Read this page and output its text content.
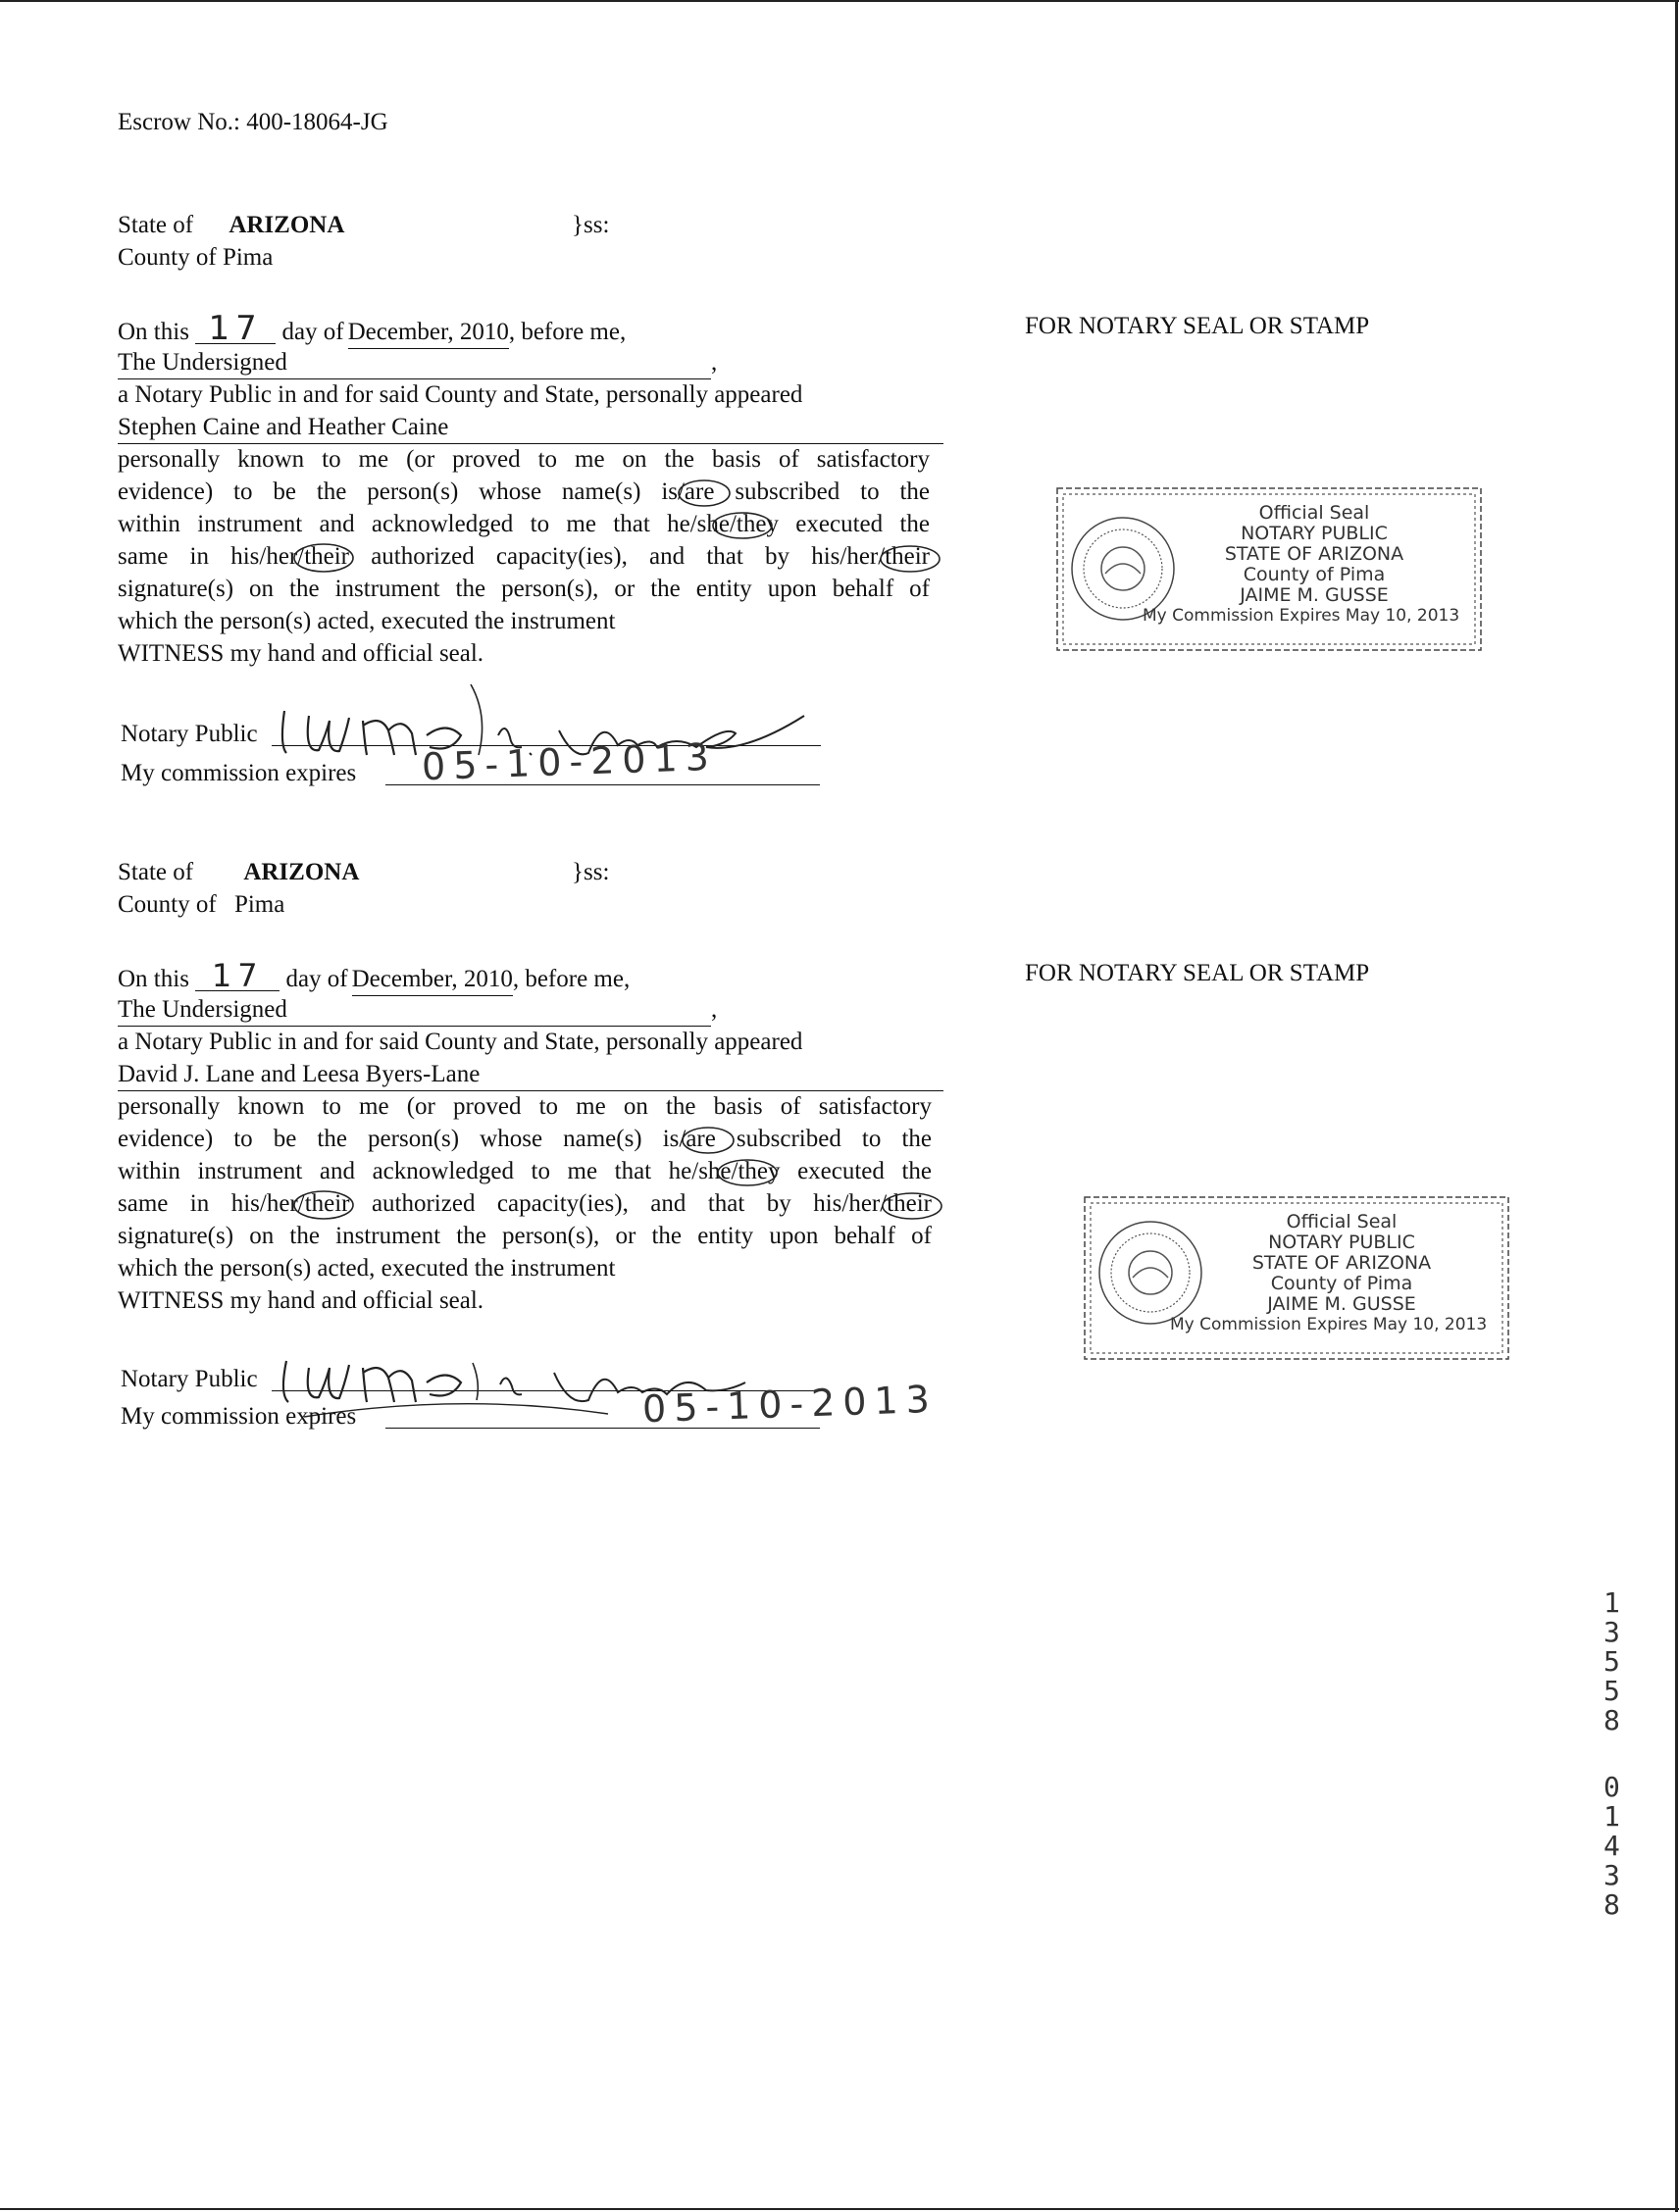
Escrow No.: 400-18064-JG
State of ARIZONA	}ss:
County of Pima
On this 17 day of December, 2010, before me,
The Undersigned	,
a Notary Public in and for said County and State, personally appeared
Stephen Caine and Heather Caine
personally known to me (or proved to me on the basis of satisfactory
evidence) to be the person(s) whose name(s) is/are subscribed to the
within instrument and acknowledged to me that he/she/they executed the
same in his/her/their authorized capacity(ies), and that by his/her/their
signature(s) on the instrument the person(s), or the entity upon behalf of
which the person(s) acted, executed the instrument
WITNESS my hand and official seal.
Notary Public
My commission expires 05-10-2013
FOR NOTARY SEAL OR STAMP
Official Seal
NOTARY PUBLIC
STATE OF ARIZONA
County of Pima
JAIME M. GUSSE
My Commission Expires May 10, 2013
State of ARIZONA	}ss:
County of Pima
On this 17 day of December, 2010, before me,
The Undersigned	,
a Notary Public in and for said County and State, personally appeared
David J. Lane and Leesa Byers-Lane
personally known to me (or proved to me on the basis of satisfactory
evidence) to be the person(s) whose name(s) is/are subscribed to the
within instrument and acknowledged to me that he/she/they executed the
same in his/her/their authorized capacity(ies), and that by his/her/their
signature(s) on the instrument the person(s), or the entity upon behalf of
which the person(s) acted, executed the instrument
WITNESS my hand and official seal.
Notary Public
My commission expires	05-10-2013
FOR NOTARY SEAL OR STAMP
Official Seal
NOTARY PUBLIC
STATE OF ARIZONA
County of Pima
JAIME M. GUSSE
My Commission Expires May 10, 2013
13558
01438
